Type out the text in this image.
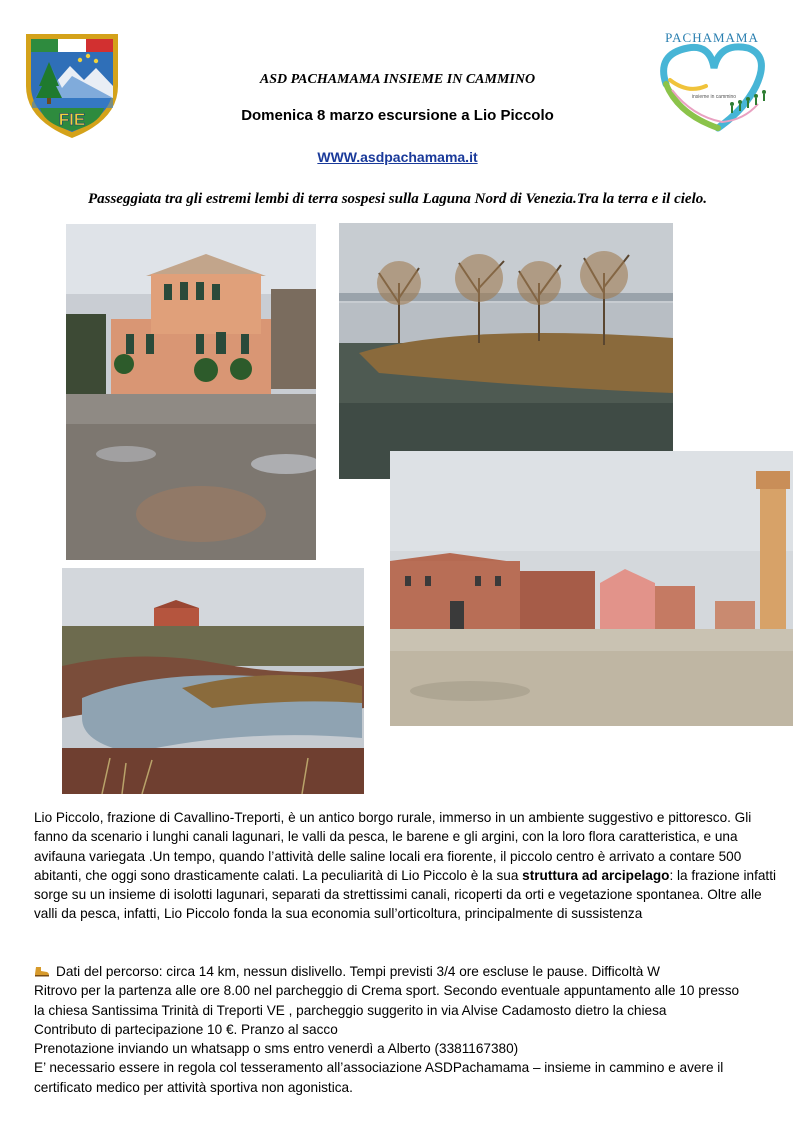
FIE
PACHAMAMA
insieme in cammino
ASD PACHAMAMA INSIEME IN CAMMINO
Domenica 8 marzo escursione a Lio Piccolo
WWW.asdpachamama.it
Passeggiata tra gli estremi lembi di terra sospesi sulla Laguna Nord di Venezia.Tra la terra e il cielo.
Lio Piccolo, frazione di Cavallino-Treporti, è un antico borgo rurale, immerso in un ambiente suggestivo e pittoresco. Gli fanno da scenario i lunghi canali lagunari, le valli da pesca, le barene e gli argini, con la loro flora caratteristica, e una avifauna variegata .Un tempo, quando l’attività delle saline locali era fiorente, il piccolo centro è arrivato a contare 500 abitanti, che oggi sono drasticamente calati. La peculiarità di Lio Piccolo è la sua struttura ad arcipelago: la frazione infatti sorge su un insieme di isolotti lagunari, separati da strettissimi canali, ricoperti da orti e vegetazione spontanea. Oltre alle valli da pesca, infatti, Lio Piccolo fonda la sua economia sull’orticoltura, principalmente di sussistenza
Dati del percorso: circa 14 km, nessun dislivello. Tempi previsti 3/4 ore escluse le pause. Difficoltà W
Ritrovo per la partenza alle ore 8.00 nel parcheggio di Crema sport. Secondo eventuale appuntamento alle 10 presso
la chiesa Santissima Trinità di Treporti VE , parcheggio suggerito in via Alvise Cadamosto dietro la chiesa
Contributo di partecipazione 10 €. Pranzo al sacco
Prenotazione inviando un whatsapp o sms entro venerdì a Alberto (3381167380)
E’ necessario essere in regola col tesseramento all’associazione ASDPachamama – insieme in cammino e avere il
certificato medico per attività sportiva non agonistica.
